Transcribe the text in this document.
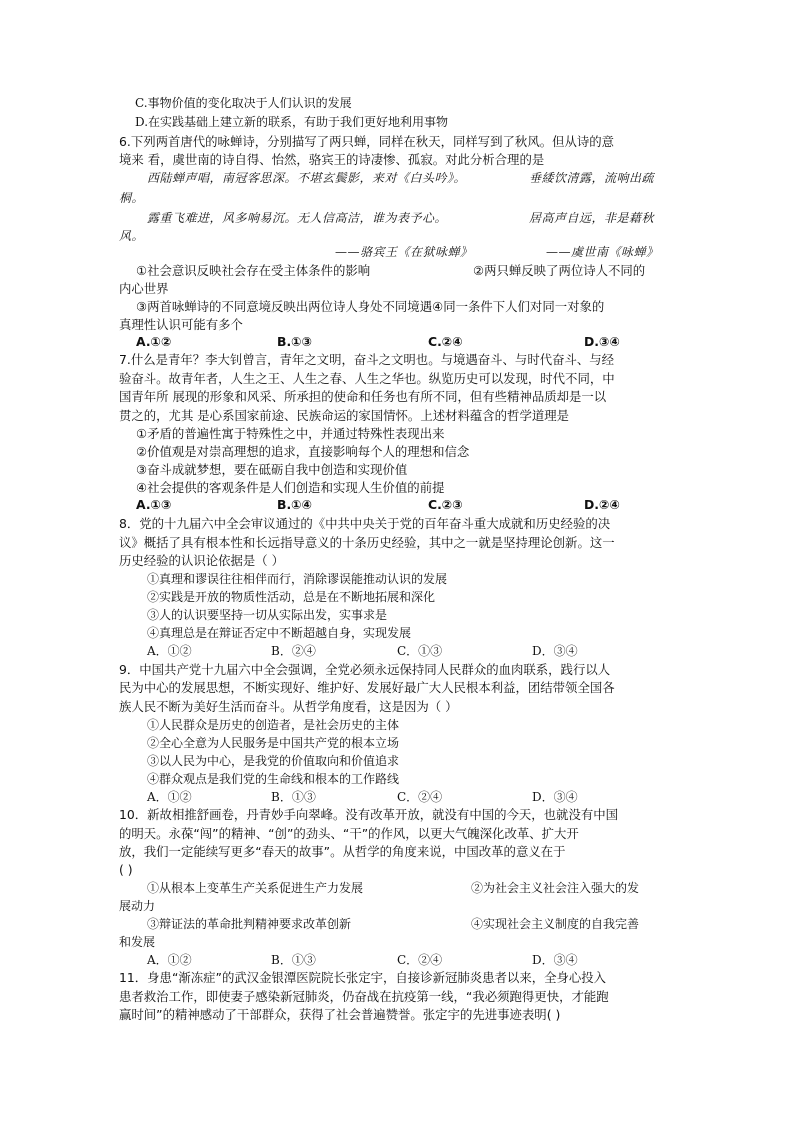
C.事物价值的变化取决于人们认识的发展
D.在实践基础上建立新的联系，有助于我们更好地利用事物
6.下列两首唐代的咏蝉诗，分别描写了两只蝉，同样在秋天，同样写到了秋风。但从诗的意
境来 看，虞世南的诗自得、怡然，骆宾王的诗凄惨、孤寂。对此分析合理的是
西陆蝉声唱，南冠客思深。不堪玄鬓影，来对《白头吟》。	垂緌饮清露，流响出疏
桐。
露重飞难进，风多响易沉。无人信高洁，谁为表予心。	居高声自远，非是藉秋
风。
——骆宾王《在狱咏蝉》	——虞世南《咏蝉》
①社会意识反映社会存在受主体条件的影响	②两只蝉反映了两位诗人不同的
内心世界
③两首咏蝉诗的不同意境反映出两位诗人身处不同境遇④同一条件下人们对同一对象的
真理性认识可能有多个
A.①②	B.①③	C.②④	D.③④
7.什么是青年？李大钊曾言，青年之文明，奋斗之文明也。与境遇奋斗、与时代奋斗、与经
验奋斗。故青年者，人生之王、人生之春、人生之华也。纵览历史可以发现，时代不同，中
国青年所 展现的形象和风采、所承担的使命和任务也有所不同，但有些精神品质却是一以
贯之的，尤其 是心系国家前途、民族命运的家国情怀。上述材料蕴含的哲学道理是
①矛盾的普遍性寓于特殊性之中，并通过特殊性表现出来
②价值观是对崇高理想的追求，直接影响每个人的理想和信念
③奋斗成就梦想，要在砥砺自我中创造和实现价值
④社会提供的客观条件是人们创造和实现人生价值的前提
A.①③	B.①④	C.②③	D.②④
8．党的十九届六中全会审议通过的《中共中央关于党的百年奋斗重大成就和历史经验的决
议》概括了具有根本性和长远指导意义的十条历史经验，其中之一就是坚持理论创新。这一
历史经验的认识论依据是（ ）
①真理和谬误往往相伴而行，消除谬误能推动认识的发展
②实践是开放的物质性活动，总是在不断地拓展和深化
③人的认识要坚持一切从实际出发，实事求是
④真理总是在辩证否定中不断超越自身，实现发展
A．①②	B．②④	C．①③	D．③④
9．中国共产党十九届六中全会强调，全党必须永远保持同人民群众的血肉联系，践行以人
民为中心的发展思想，不断实现好、维护好、发展好最广大人民根本利益，团结带领全国各
族人民不断为美好生活而奋斗。从哲学角度看，这是因为（ ）
①人民群众是历史的创造者，是社会历史的主体
②全心全意为人民服务是中国共产党的根本立场
③以人民为中心，是我党的价值取向和价值追求
④群众观点是我们党的生命线和根本的工作路线
A．①②	B．①③	C．②④	D．③④
10．新故相推舒画卷，丹青妙手向翠峰。没有改革开放，就没有中国的今天，也就没有中国
的明天。永葆“闯”的精神、“创”的劲头、“干”的作风，以更大气魄深化改革、扩大开
放，我们一定能续写更多“春天的故事”。从哲学的角度来说，中国改革的意义在于
( )
①从根本上变革生产关系促进生产力发展	②为社会主义社会注入强大的发
展动力
③辩证法的革命批判精神要求改革创新	④实现社会主义制度的自我完善
和发展
A．①②	B．①③	C．②④	D．③④
11．身患“渐冻症”的武汉金银潭医院院长张定宇，自接诊新冠肺炎患者以来，全身心投入
患者救治工作，即使妻子感染新冠肺炎，仍奋战在抗疫第一线，“我必须跑得更快，才能跑
赢时间”的精神感动了干部群众，获得了社会普遍赞誉。张定宇的先进事迹表明( )
